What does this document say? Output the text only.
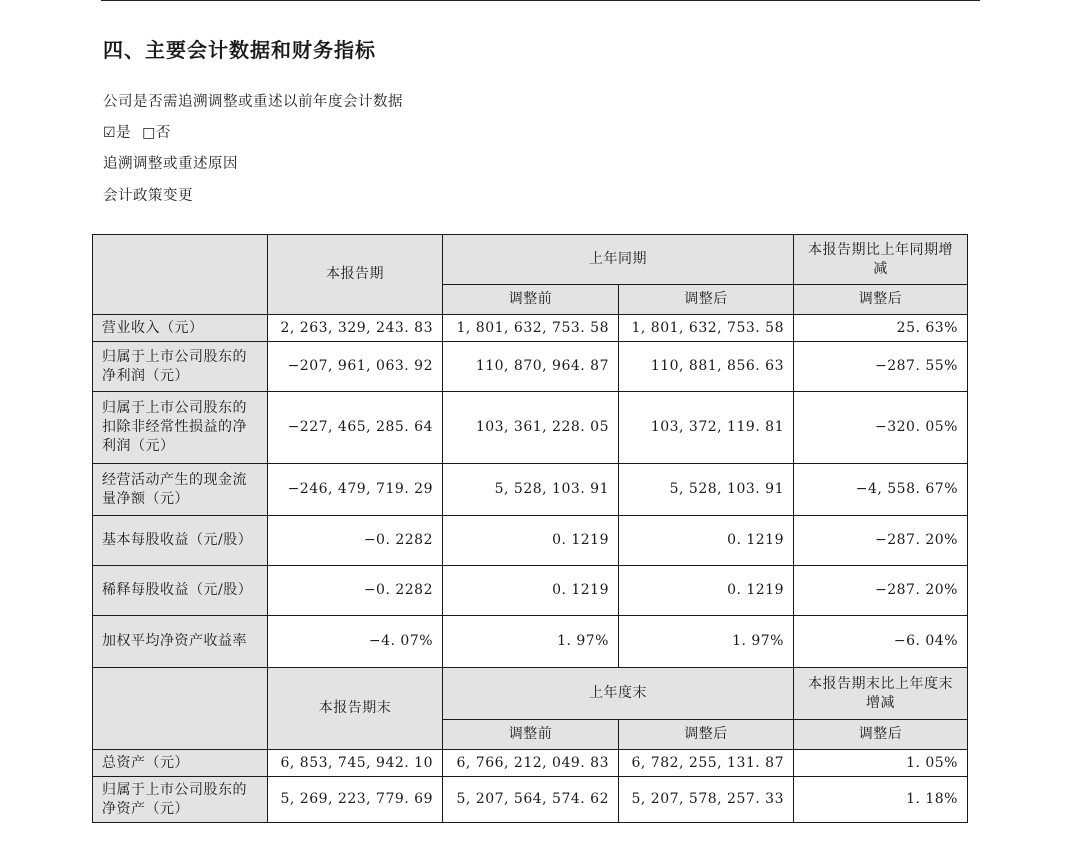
四、主要会计数据和财务指标
公司是否需追溯调整或重述以前年度会计数据
☑是 □否
追溯调整或重述原因
会计政策变更
	本报告期	上年同期		本报告期比上年同期增减
		调整前	调整后	调整后
营业收入（元）	2, 263, 329, 243. 83	1, 801, 632, 753. 58	1, 801, 632, 753. 58	25. 63%
归属于上市公司股东的净利润（元）	−207, 961, 063. 92	110, 870, 964. 87	110, 881, 856. 63	−287. 55%
归属于上市公司股东的扣除非经常性损益的净利润（元）	−227, 465, 285. 64	103, 361, 228. 05	103, 372, 119. 81	−320. 05%
经营活动产生的现金流量净额（元）	−246, 479, 719. 29	5, 528, 103. 91	5, 528, 103. 91	−4, 558. 67%
基本每股收益（元/股）	−0. 2282	0. 1219	0. 1219	−287. 20%
稀释每股收益（元/股）	−0. 2282	0. 1219	0. 1219	−287. 20%
加权平均净资产收益率	−4. 07%	1. 97%	1. 97%	−6. 04%
	本报告期末	上年度末		本报告期末比上年度末增减
		调整前	调整后	调整后
总资产（元）	6, 853, 745, 942. 10	6, 766, 212, 049. 83	6, 782, 255, 131. 87	1. 05%
归属于上市公司股东的净资产（元）	5, 269, 223, 779. 69	5, 207, 564, 574. 62	5, 207, 578, 257. 33	1. 18%
